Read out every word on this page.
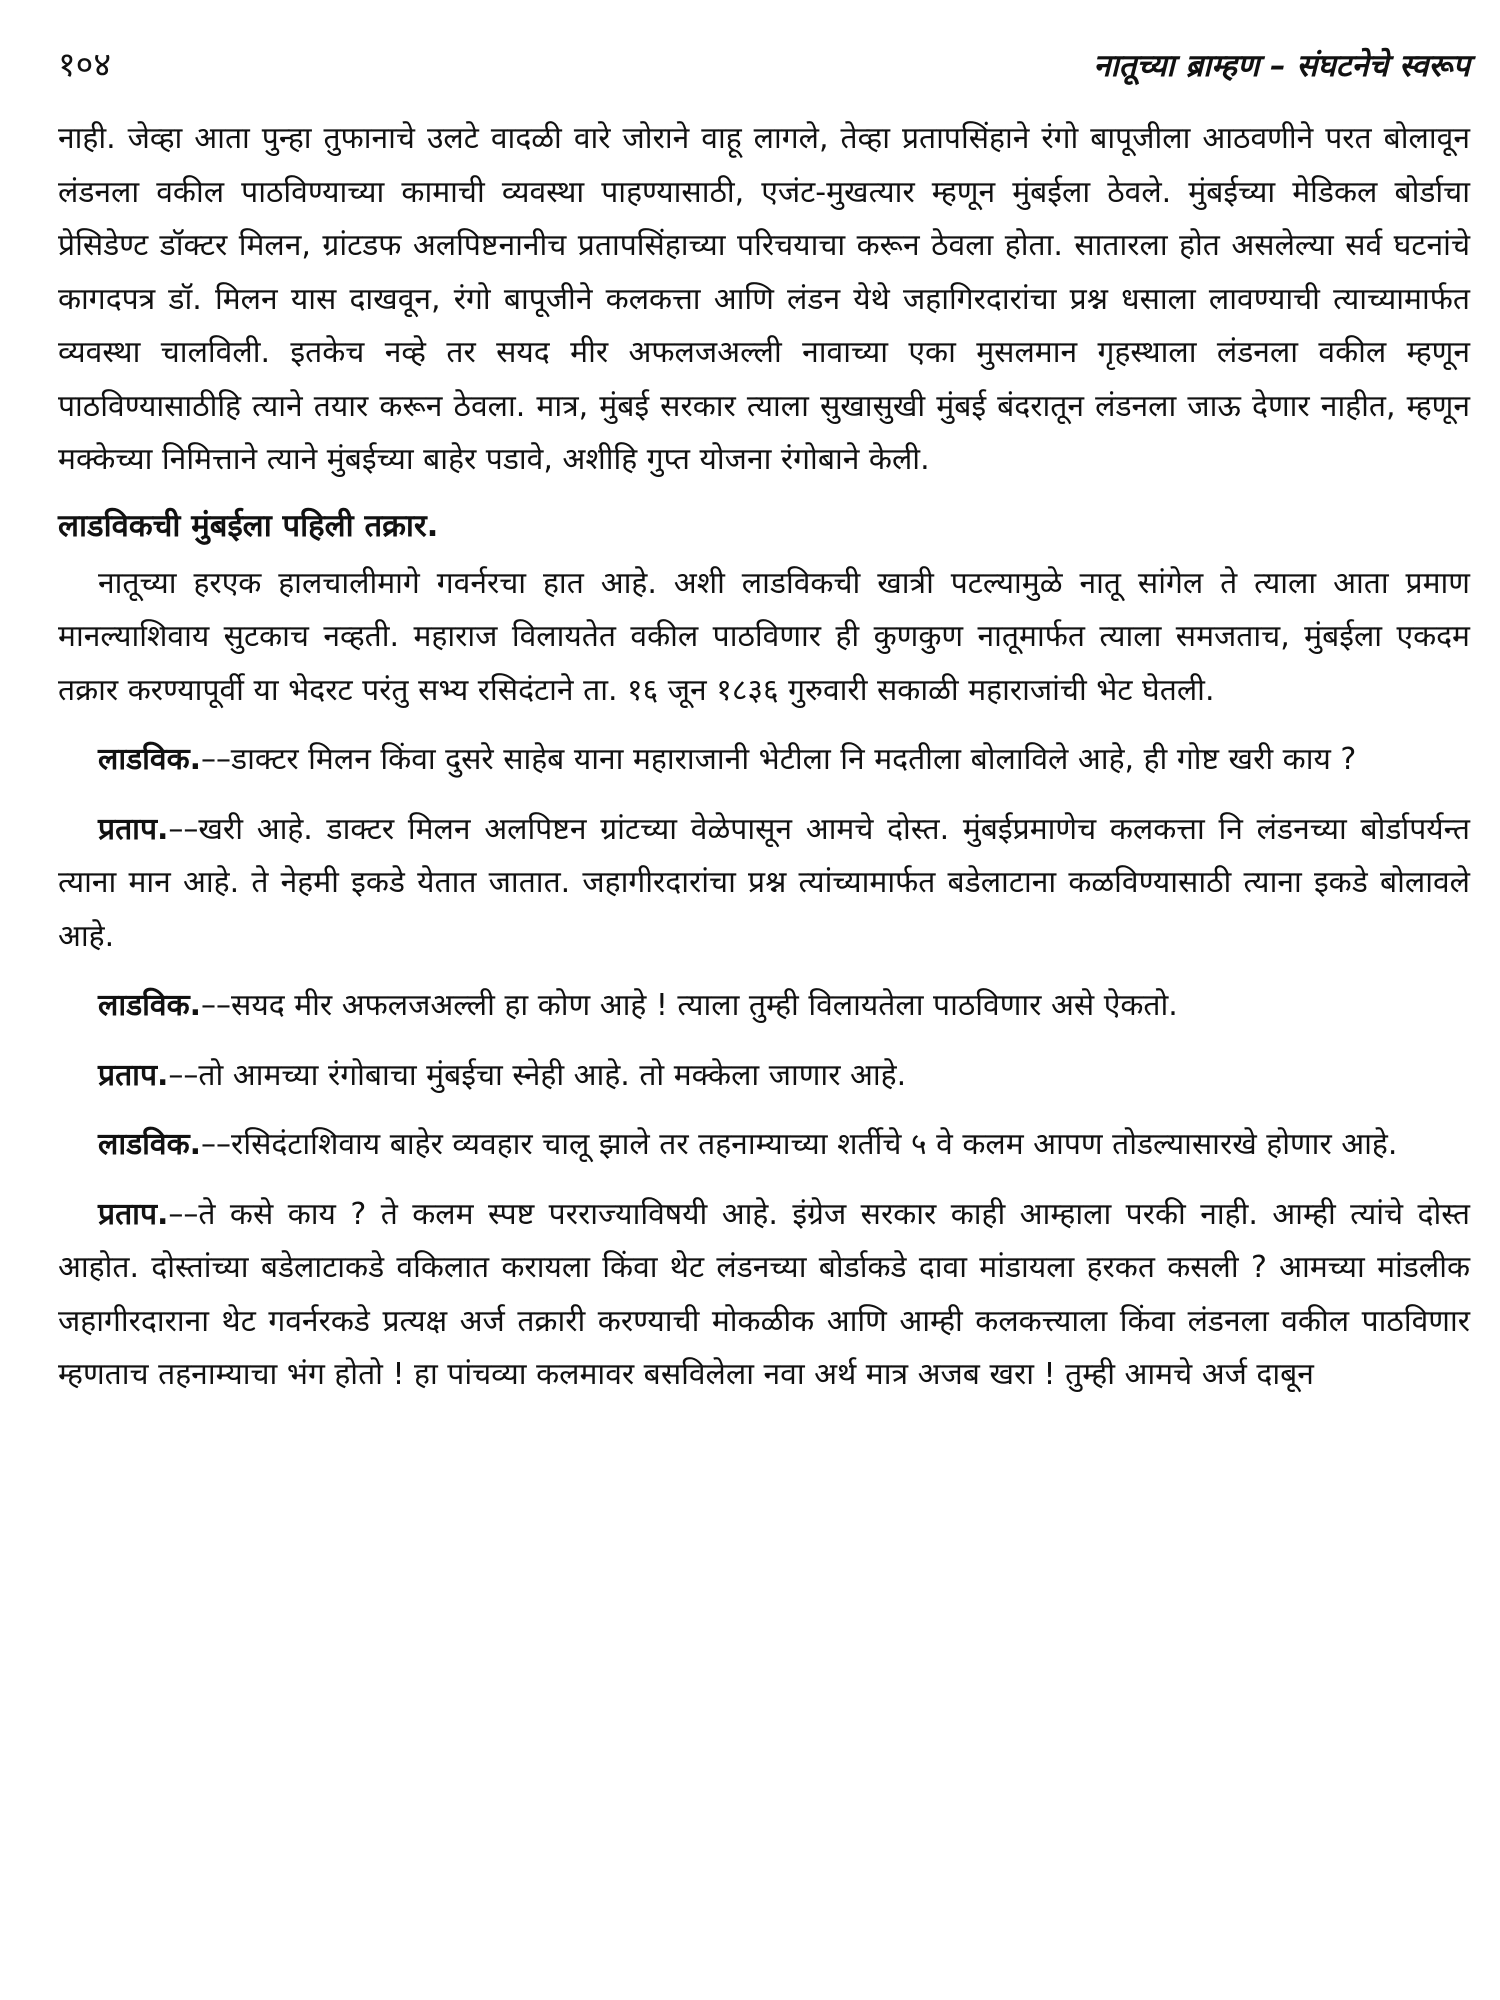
१०४	नातूच्या ब्राम्हण – संघटनेचे स्वरूप

नाही. जेव्हा आता पुन्हा तुफानाचे उलटे वादळी वारे जोराने वाहू लागले, तेव्हा प्रतापसिंहाने रंगो बापूजीला आठवणीने परत बोलावून लंडनला वकील पाठविण्याच्या कामाची व्यवस्था पाहण्यासाठी, एजंट-मुखत्यार म्हणून मुंबईला ठेवले. मुंबईच्या मेडिकल बोर्डाचा प्रेसिडेण्ट डॉक्टर मिलन, ग्रांटडफ अलपिष्टनानीच प्रतापसिंहाच्या परिचयाचा करून ठेवला होता. सातारला होत असलेल्या सर्व घटनांचे कागदपत्र डॉ. मिलन यास दाखवून, रंगो बापूजीने कलकत्ता आणि लंडन येथे जहागिरदारांचा प्रश्न धसाला लावण्याची त्याच्यामार्फत व्यवस्था चालविली. इतकेच नव्हे तर सयद मीर अफलजअल्ली नावाच्या एका मुसलमान गृहस्थाला लंडनला वकील म्हणून पाठविण्यासाठीहि त्याने तयार करून ठेवला. मात्र, मुंबई सरकार त्याला सुखासुखी मुंबई बंदरातून लंडनला जाऊ देणार नाहीत, म्हणून मक्केच्या निमित्ताने त्याने मुंबईच्या बाहेर पडावे, अशीहि गुप्त योजना रंगोबाने केली.

लाडविकची मुंबईला पहिली तक्रार.

नातूच्या हरएक हालचालीमागे गवर्नरचा हात आहे. अशी लाडविकची खात्री पटल्यामुळे नातू सांगेल ते त्याला आता प्रमाण मानल्याशिवाय सुटकाच नव्हती. महाराज विलायतेत वकील पाठविणार ही कुणकुण नातूमार्फत त्याला समजताच, मुंबईला एकदम तक्रार करण्यापूर्वी या भेदरट परंतु सभ्य रसिदंटाने ता. १६ जून १८३६ गुरुवारी सकाळी महाराजांची भेट घेतली.

लाडविक.––डाक्टर मिलन किंवा दुसरे साहेब याना महाराजानी भेटीला नि मदतीला बोलाविले आहे, ही गोष्ट खरी काय ?

प्रताप.––खरी आहे. डाक्टर मिलन अलपिष्टन ग्रांटच्या वेळेपासून आमचे दोस्त. मुंबईप्रमाणेच कलकत्ता नि लंडनच्या बोर्डापर्यन्त त्याना मान आहे. ते नेहमी इकडे येतात जातात. जहागीरदारांचा प्रश्न त्यांच्यामार्फत बडेलाटाना कळविण्यासाठी त्याना इकडे बोलावले आहे.

लाडविक.––सयद मीर अफलजअल्ली हा कोण आहे ! त्याला तुम्ही विलायतेला पाठविणार असे ऐकतो.

प्रताप.––तो आमच्या रंगोबाचा मुंबईचा स्नेही आहे. तो मक्केला जाणार आहे.

लाडविक.––रसिदंटाशिवाय बाहेर व्यवहार चालू झाले तर तहनाम्याच्या शर्तीचे ५ वे कलम आपण तोडल्यासारखे होणार आहे.

प्रताप.––ते कसे काय ? ते कलम स्पष्ट परराज्याविषयी आहे. इंग्रेज सरकार काही आम्हाला परकी नाही. आम्ही त्यांचे दोस्त आहोत. दोस्तांच्या बडेलाटाकडे वकिलात करायला किंवा थेट लंडनच्या बोर्डाकडे दावा मांडायला हरकत कसली ? आमच्या मांडलीक जहागीरदाराना थेट गवर्नरकडे प्रत्यक्ष अर्ज तक्रारी करण्याची मोकळीक आणि आम्ही कलकत्त्याला किंवा लंडनला वकील पाठविणार म्हणताच तहनाम्याचा भंग होतो ! हा पांचव्या कलमावर बसविलेला नवा अर्थ मात्र अजब खरा ! तुम्ही आमचे अर्ज दाबून
